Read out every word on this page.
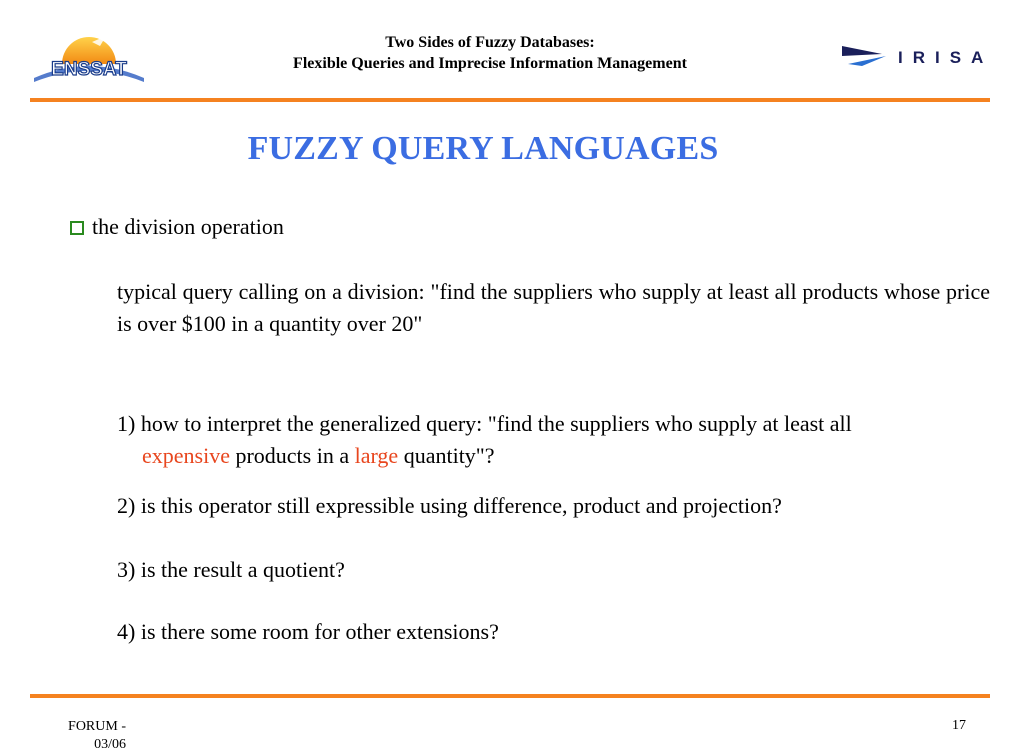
ENSSAT
Two Sides of Fuzzy Databases:
Flexible Queries and Imprecise Information Management	IRISA
FUZZY QUERY LANGUAGES
the division operation
typical query calling on a division: "find the suppliers who supply at least all products whose price is over $100 in a quantity over 20"
1) how to interpret the generalized query: "find the suppliers who supply at least all
expensive products in a large quantity"?
2) is this operator still expressible using difference, product and projection?
3) is the result a quotient?
4) is there some room for other extensions?
FORUM -
03/06
17
